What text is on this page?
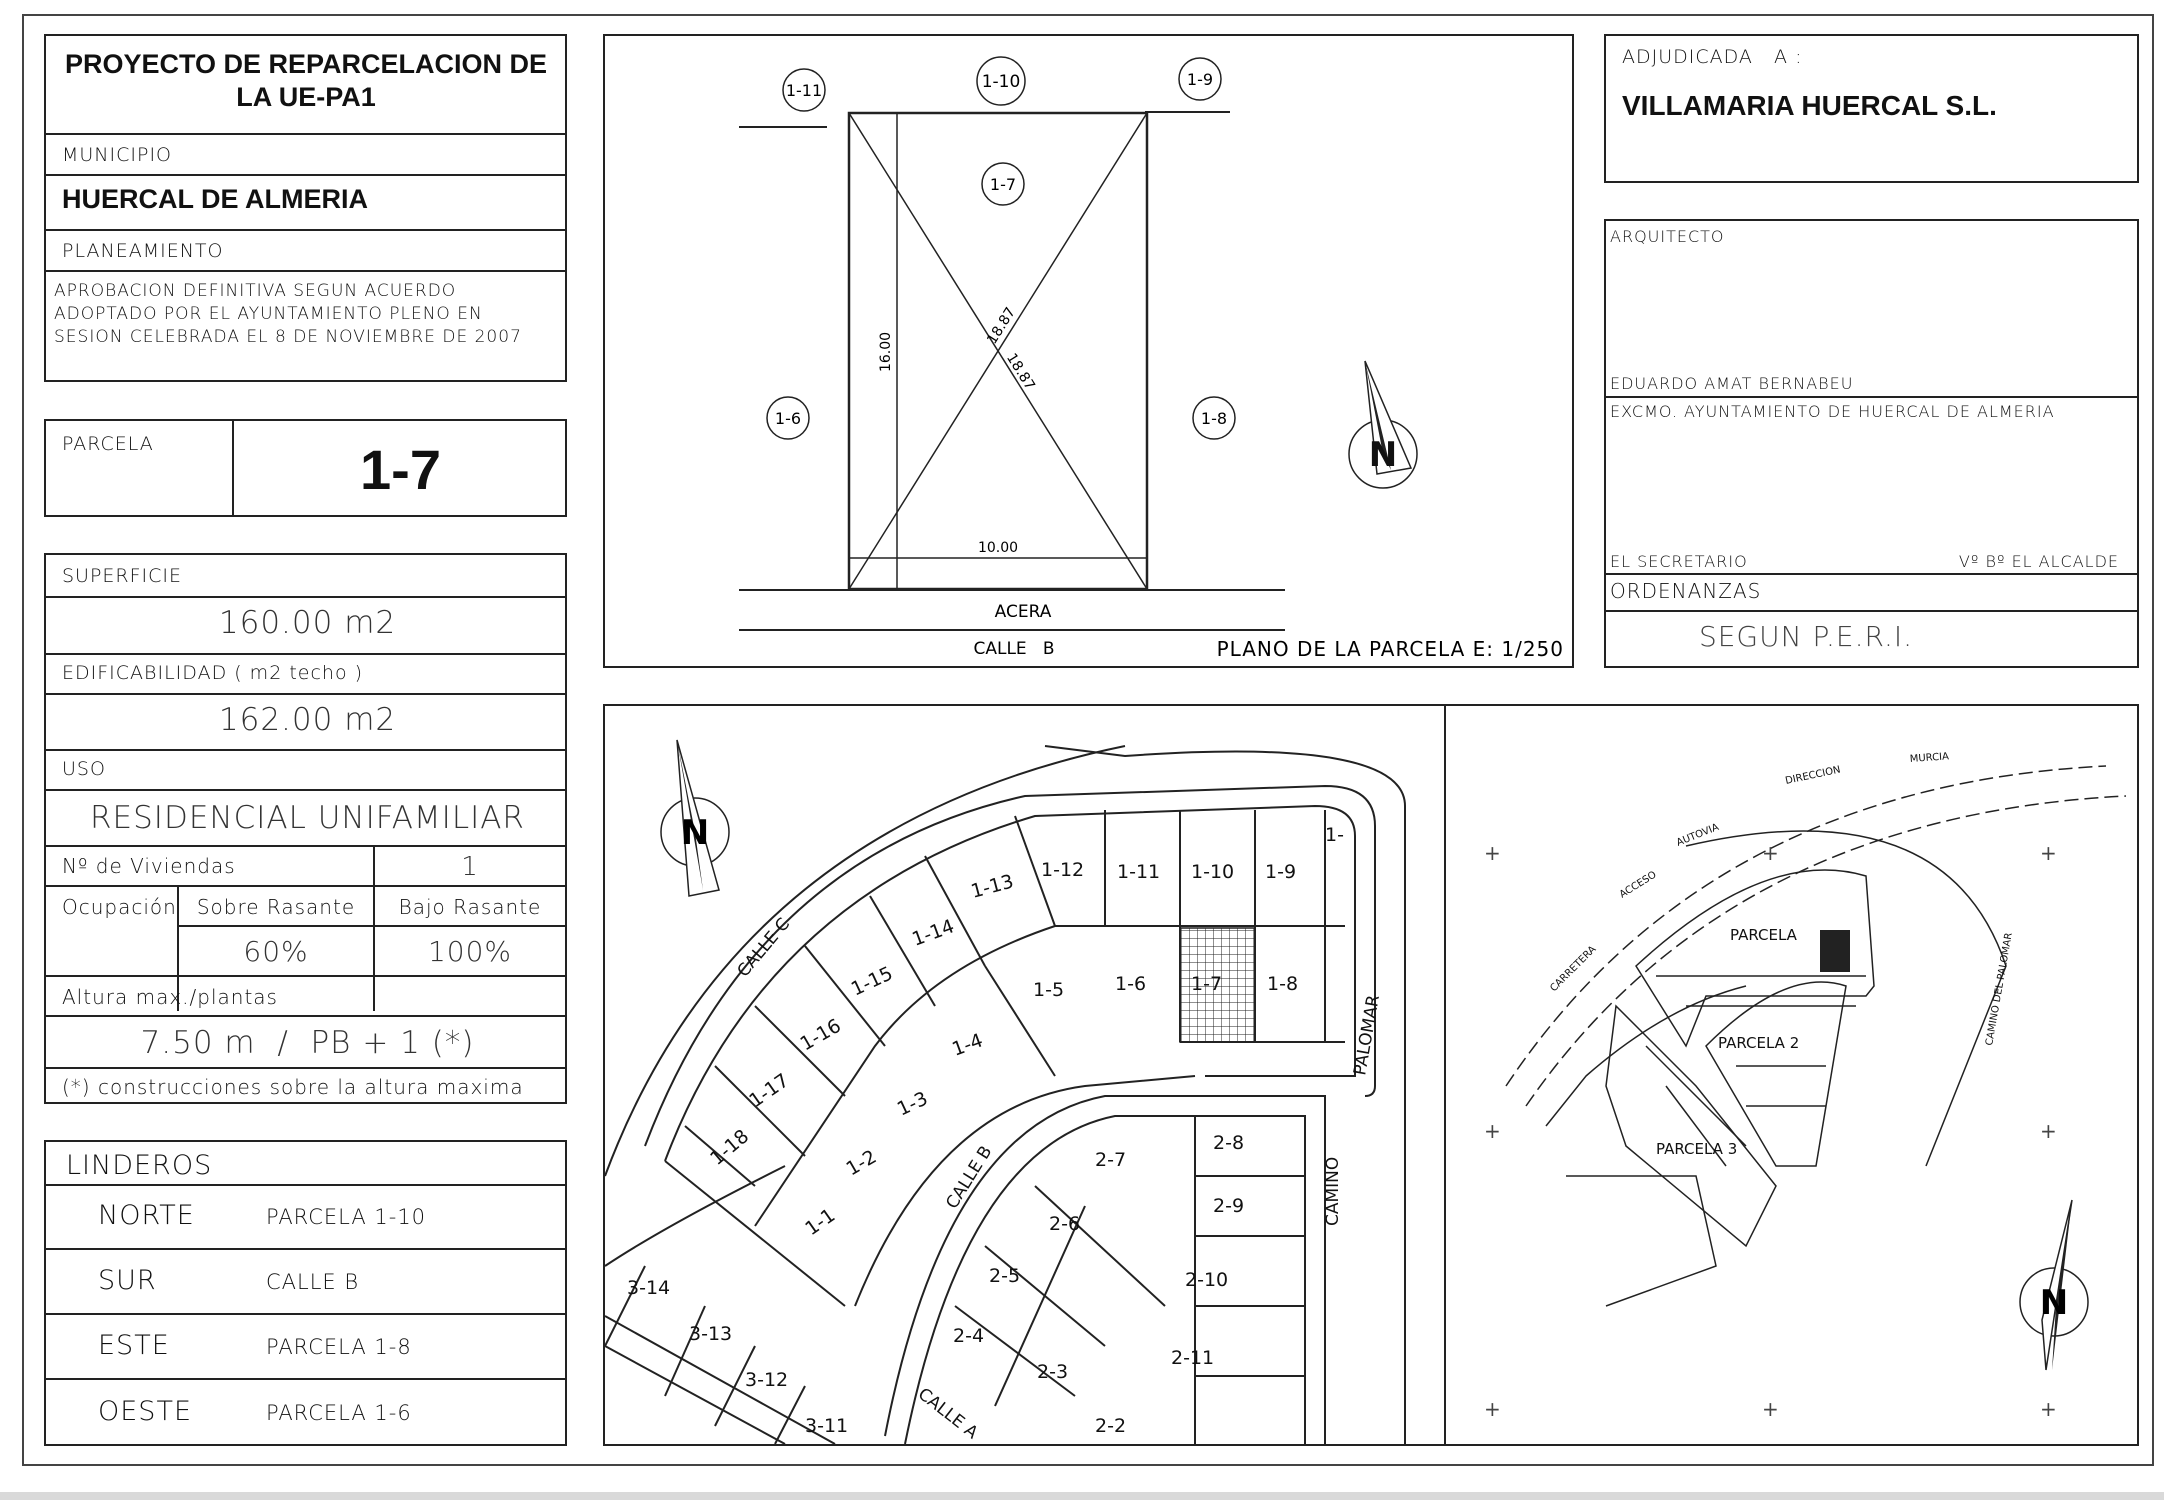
PROYECTO DE REPARCELACION DE LA UE-PA1
MUNICIPIO
HUERCAL DE ALMERIA
PLANEAMIENTO
APROBACION DEFINITIVA SEGUN ACUERDO ADOPTADO POR EL AYUNTAMIENTO PLENO EN SESION CELEBRADA EL 8 DE NOVIEMBRE DE 2007
PARCELA	1-7
SUPERFICIE
160.00 m2
EDIFICABILIDAD ( m2 techo )
162.00 m2
USO
RESIDENCIAL UNIFAMILIAR
Nº de Viviendas	1
Ocupación	Sobre Rasante	Bajo Rasante
60%	100%
Altura max./plantas
7.50 m  /  PB + 1 (*)
(*) construcciones sobre la altura maxima
LINDEROS
NORTE	PARCELA 1-10
SUR	CALLE B
ESTE	PARCELA 1-8
OESTE	PARCELA 1-6
16.00
18.87
18.87
10.00
1-11	1-10	1-9
1-7
1-6	1-8
ACERA
CALLE   B	PLANO DE LA PARCELA E: 1/250
N
ADJUDICADA   A :
VILLAMARIA HUERCAL S.L.
ARQUITECTO
EDUARDO AMAT BERNABEU
EXCMO. AYUNTAMIENTO DE HUERCAL DE ALMERIA
EL SECRETARIO	Vº Bº EL ALCALDE
ORDENANZAS
SEGUN P.E.R.I.
1-12 1-11 1-10 1-9
1-13
1-14
1-15
1-16
1-17
1-18
1-5	1-6 1-7 1-8
1-4
1-3
1-2
1-1
2-7
2-8
2-6
2-9
2-5	2-10
2-4
2-3
2-11
2-2
3-14
3-13
3-12
3-11
1-
CALLE C
CALLE B	CAMINO
PALOMAR
CALLE A
N
PARCELA
PARCELA 2
PARCELA 3
MURCIA
CARRETERA
ACCESO
AUTOVIA
DIRECCION
CAMINO DEL PALOMAR
+	+	+
+	+
+	+	+
N
